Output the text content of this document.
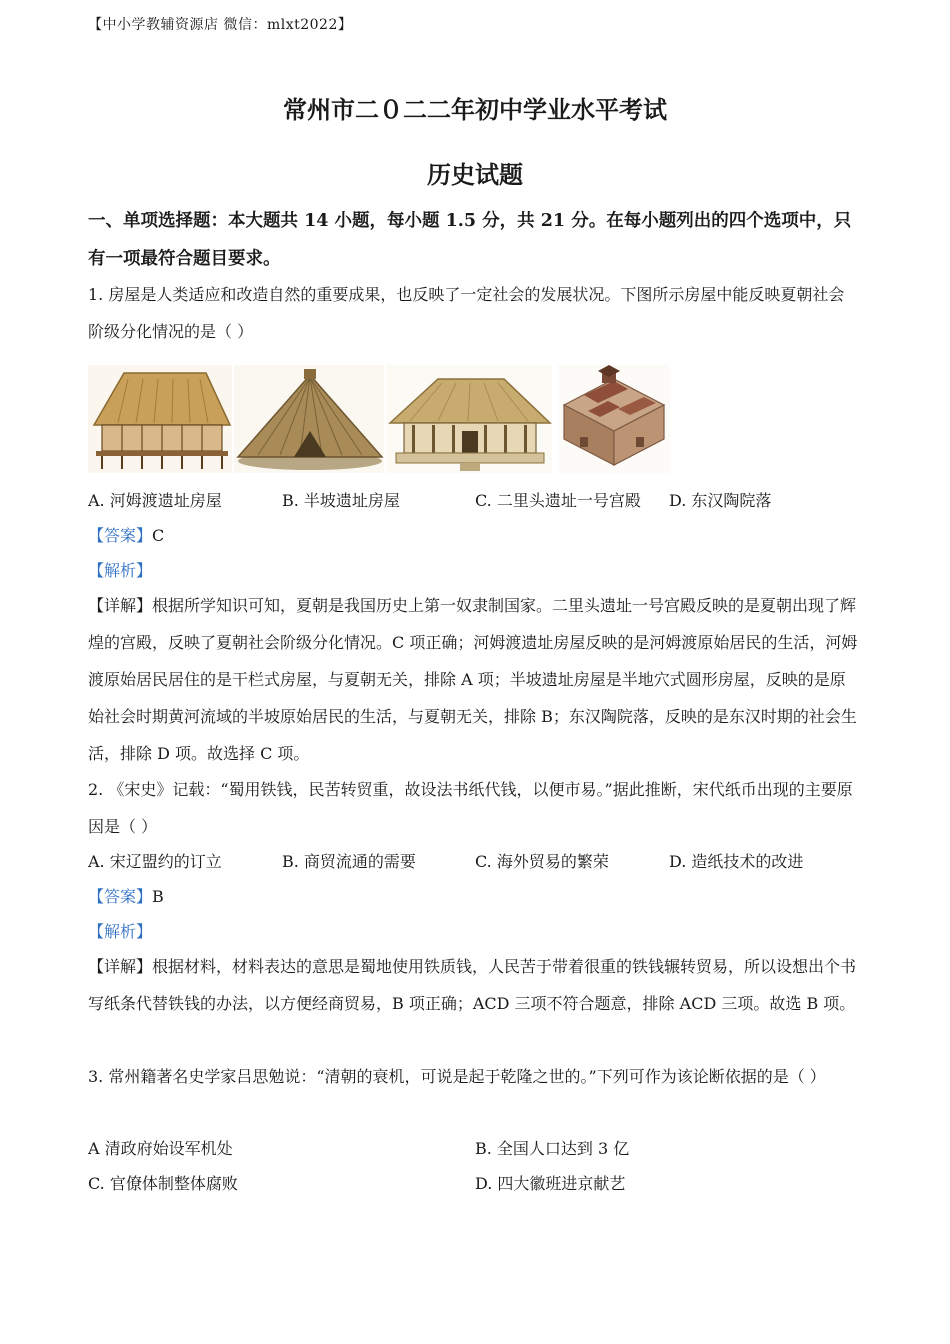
【中小学教辅资源店 微信：mlxt2022】
常州市二０二二年初中学业水平考试
历史试题
一、单项选择题：本大题共 14 小题，每小题 1.5 分，共 21 分。在每小题列出的四个选项中，只有一项最符合题目要求。
1. 房屋是人类适应和改造自然的重要成果，也反映了一定社会的发展状况。下图所示房屋中能反映夏朝社会阶级分化情况的是（ ）
A. 河姆渡遗址房屋	B. 半坡遗址房屋	C. 二里头遗址一号宫殿 D. 东汉陶院落
【答案】C
【解析】
【详解】根据所学知识可知，夏朝是我国历史上第一奴隶制国家。二里头遗址一号宫殿反映的是夏朝出现了辉煌的宫殿，反映了夏朝社会阶级分化情况。C 项正确；河姆渡遗址房屋反映的是河姆渡原始居民的生活，河姆渡原始居民居住的是干栏式房屋，与夏朝无关，排除 A 项；半坡遗址房屋是半地穴式圆形房屋，反映的是原始社会时期黄河流域的半坡原始居民的生活，与夏朝无关，排除 B；东汉陶院落，反映的是东汉时期的社会生活，排除 D 项。故选择 C 项。
2. 《宋史》记载：“蜀用铁钱，民苦转贸重，故设法书纸代钱，以便市易。”据此推断，宋代纸币出现的主要原因是（ ）
A. 宋辽盟约的订立	B. 商贸流通的需要	C. 海外贸易的繁荣	D. 造纸技术的改进
【答案】B
【解析】
【详解】根据材料，材料表达的意思是蜀地使用铁质钱，人民苦于带着很重的铁钱辗转贸易，所以设想出个书写纸条代替铁钱的办法，以方便经商贸易，B 项正确；ACD 三项不符合题意，排除 ACD 三项。故选 B 项。
3. 常州籍著名史学家吕思勉说：“清朝的衰机，可说是起于乾隆之世的。”下列可作为该论断依据的是（ ）
A 清政府始设军机处	B. 全国人口达到 3 亿
C. 官僚体制整体腐败	D. 四大徽班进京献艺
